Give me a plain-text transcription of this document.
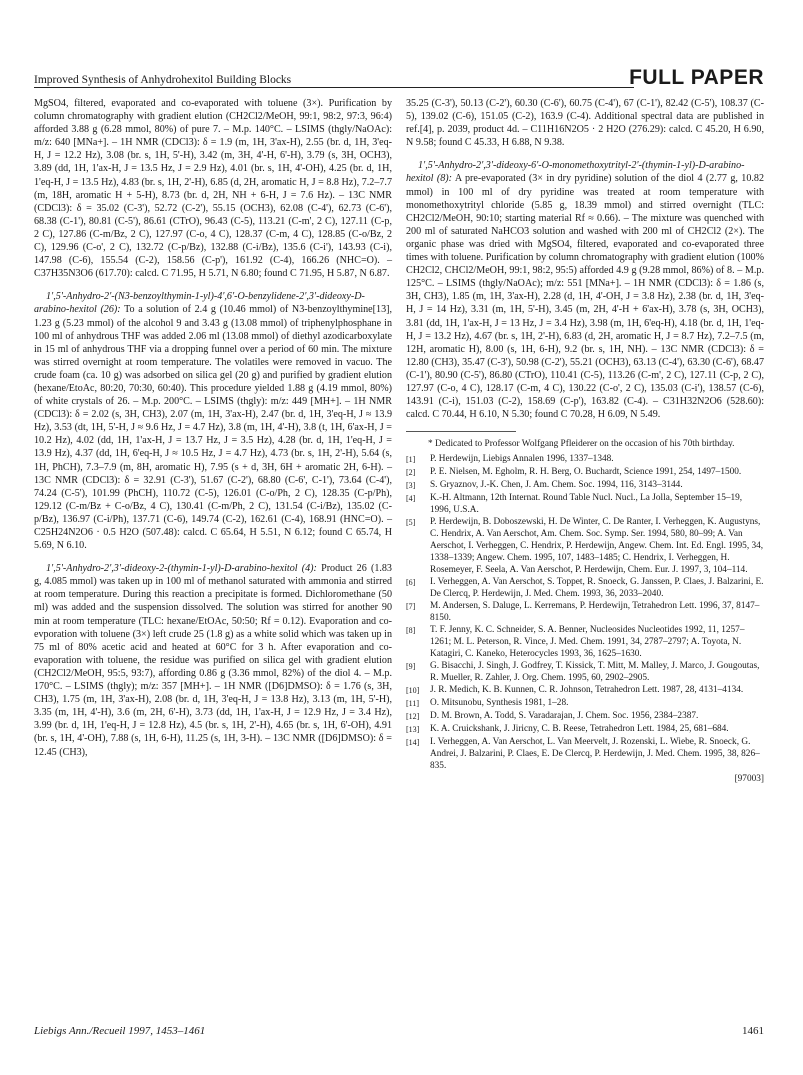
Improved Synthesis of Anhydrohexitol Building Blocks	FULL PAPER

MgSO4, filtered, evaporated and co-evaporated with toluene (3×). Purification by column chromatography with gradient elution (CH2Cl2/MeOH, 99:1, 98:2, 97:3, 96:4) afforded 3.88 g (6.28 mmol, 80%) of pure 7. – M.p. 140°C. – LSIMS (thgly/NaOAc): m/z: 640 [MNa+]. – 1H NMR (CDCl3): δ = 1.9 (m, 1H, 3'ax-H), 2.55 (br. d, 1H, 3'eq-H, J = 12.2 Hz), 3.08 (br. s, 1H, 5'-H), 3.42 (m, 3H, 4'-H, 6'-H), 3.79 (s, 3H, OCH3), 3.89 (dd, 1H, 1'ax-H, J = 13.5 Hz, J = 2.9 Hz), 4.01 (br. s, 1H, 4'-OH), 4.25 (br. d, 1H, 1'eq-H, J = 13.5 Hz), 4.83 (br. s, 1H, 2'-H), 6.85 (d, 2H, aromatic H, J = 8.8 Hz), 7.2–7.7 (m, 18H, aromatic H + 5-H), 8.73 (br. d, 2H, NH + 6-H, J = 7.6 Hz). – 13C NMR (CDCl3): δ = 35.02 (C-3'), 52.72 (C-2'), 55.15 (OCH3), 62.08 (C-4'), 62.73 (C-6'), 68.38 (C-1'), 80.81 (C-5'), 86.61 (CTrO), 96.43 (C-5), 113.21 (C-m', 2 C), 127.11 (C-p, 2 C), 127.86 (C-m/Bz, 2 C), 127.97 (C-o, 4 C), 128.37 (C-m, 4 C), 128.85 (C-o/Bz, 2 C), 129.96 (C-o', 2 C), 132.72 (C-p/Bz), 132.88 (C-i/Bz), 135.6 (C-i'), 143.93 (C-i), 147.98 (C-6), 155.54 (C-2), 158.56 (C-p'), 161.92 (C-4), 166.26 (NHC=O). – C37H35N3O6 (617.70): calcd. C 71.95, H 5.71, N 6.80; found C 71.95, H 5.87, N 6.87.

1',5'-Anhydro-2'-(N3-benzoylthymin-1-yl)-4',6'-O-benzylidene-2',3'-dideoxy-D-arabino-hexitol (26): To a solution of 2.4 g (10.46 mmol) of N3-benzoylthymine[13], 1.23 g (5.23 mmol) of the alcohol 9 and 3.43 g (13.08 mmol) of triphenylphosphane in 100 ml of anhydrous THF was added 2.06 ml (13.08 mmol) of diethyl azodicarboxylate in 15 ml of anhydrous THF via a dropping funnel over a period of 60 min. The mixture was stirred overnight at room temperature. The volatiles were removed in vacuo. The crude foam (ca. 10 g) was adsorbed on silica gel (20 g) and purified by gradient elution (hexane/EtoAc, 80:20, 70:30, 60:40). This procedure yielded 1.88 g (4.19 mmol, 80%) of white crystals of 26. – M.p. 200°C. – LSIMS (thgly): m/z: 449 [MH+]. – 1H NMR (CDCl3): δ = 2.02 (s, 3H, CH3), 2.07 (m, 1H, 3'ax-H), 2.47 (br. d, 1H, 3'eq-H, J ≈ 13.9 Hz), 3.53 (dt, 1H, 5'-H, J ≈ 9.6 Hz, J = 4.7 Hz), 3.8 (m, 1H, 4'-H), 3.8 (t, 1H, 6'ax-H, J = 10.2 Hz), 4.02 (dd, 1H, 1'ax-H, J = 13.7 Hz, J = 3.5 Hz), 4.28 (br. d, 1H, 1'eq-H, J = 13.9 Hz), 4.37 (dd, 1H, 6'eq-H, J ≈ 10.5 Hz, J = 4.7 Hz), 4.73 (br. s, 1H, 2'-H), 5.64 (s, 1H, PhCH), 7.3–7.9 (m, 8H, aromatic H), 7.95 (s + d, 3H, 6H + aromatic 2H, 6-H). – 13C NMR (CDCl3): δ = 32.91 (C-3'), 51.67 (C-2'), 68.80 (C-6', C-1'), 73.64 (C-4'), 74.24 (C-5'), 101.99 (PhCH), 110.72 (C-5), 126.01 (C-o/Ph, 2 C), 128.35 (C-p/Ph), 129.12 (C-m/Bz + C-o/Bz, 4 C), 130.41 (C-m/Ph, 2 C), 131.54 (C-i/Bz), 135.02 (C-p/Bz), 136.97 (C-i/Ph), 137.71 (C-6), 149.74 (C-2), 162.61 (C-4), 168.91 (HNC=O). – C25H24N2O6 · 0.5 H2O (507.48): calcd. C 65.64, H 5.51, N 6.12; found C 65.74, H 5.69, N 6.10.

1',5'-Anhydro-2',3'-dideoxy-2-(thymin-1-yl)-D-arabino-hexitol (4): Product 26 (1.83 g, 4.085 mmol) was taken up in 100 ml of methanol saturated with ammonia and stirred at room temperature. During this reaction a precipitate is formed. Dichloromethane (50 ml) was added and the suspension dissolved. The solution was stirred for another 90 min at room temperature (TLC: hexane/EtOAc, 50:50; Rf = 0.12). Evaporation and co-evporation with toluene (3×) left crude 25 (1.8 g) as a white solid which was taken up in 75 ml of 80% acetic acid and heated at 60°C for 3 h. After evaporation and co-evaporation with toluene, the residue was purified on silica gel with gradient elution (CH2Cl2/MeOH, 95:5, 93:7), affording 0.86 g (3.36 mmol, 82%) of the diol 4. – M.p. 170°C. – LSIMS (thgly); m/z: 357 [MH+]. – 1H NMR ([D6]DMSO): δ = 1.76 (s, 3H, CH3), 1.75 (m, 1H, 3'ax-H), 2.08 (br. d, 1H, 3'eq-H, J = 13.8 Hz), 3.13 (m, 1H, 5'-H), 3.35 (m, 1H, 4'-H), 3.6 (m, 2H, 6'-H), 3.73 (dd, 1H, 1'ax-H, J = 12.9 Hz, J = 3.4 Hz), 3.99 (br. d, 1H, 1'eq-H, J = 12.8 Hz), 4.5 (br. s, 1H, 2'-H), 4.65 (br. s, 1H, 6'-OH), 4.91 (br. s, 1H, 4'-OH), 7.88 (s, 1H, 6-H), 11.25 (s, 1H, 3-H). – 13C NMR ([D6]DMSO): δ = 12.45 (CH3),

35.25 (C-3'), 50.13 (C-2'), 60.30 (C-6'), 60.75 (C-4'), 67 (C-1'), 82.42 (C-5'), 108.37 (C-5), 139.02 (C-6), 151.05 (C-2), 163.9 (C-4). Additional spectral data are published in ref.[4], p. 2039, product 4d. – C11H16N2O5 · 2 H2O (276.29): calcd. C 45.20, H 6.90, N 9.58; found C 45.33, H 6.88, N 9.38.

1',5'-Anhydro-2',3'-dideoxy-6'-O-monomethoxytrityl-2'-(thymin-1-yl)-D-arabino-hexitol (8): A pre-evaporated (3× in dry pyridine) solution of the diol 4 (2.77 g, 10.82 mmol) in 100 ml of dry pyridine was treated at room temperature with monomethoxytrityl chloride (5.85 g, 18.39 mmol) and stirred overnight (TLC: CH2Cl2/MeOH, 90:10; starting material Rf ≈ 0.66). – The mixture was quenched with 200 ml of saturated NaHCO3 solution and washed with 200 ml of CH2Cl2 (2×). The organic phase was dried with MgSO4, filtered, evaporated and co-evaporated three times with toluene. Purification by column chromatography with gradient elution (100% CH2Cl2, CHCl2/MeOH, 99:1, 98:2, 95:5) afforded 4.9 g (9.28 mmol, 86%) of 8. – M.p. 125°C. – LSIMS (thgly/NaOAc); m/z: 551 [MNa+]. – 1H NMR (CDCl3): δ = 1.86 (s, 3H, CH3), 1.85 (m, 1H, 3'ax-H), 2.28 (d, 1H, 4'-OH, J = 3.8 Hz), 2.38 (br. d, 1H, 3'eq-H, J = 14 Hz), 3.31 (m, 1H, 5'-H), 3.45 (m, 2H, 4'-H + 6'ax-H), 3.78 (s, 3H, OCH3), 3.81 (dd, 1H, 1'ax-H, J = 13 Hz, J = 3.4 Hz), 3.98 (m, 1H, 6'eq-H), 4.18 (br. d, 1H, 1'eq-H, J = 13.2 Hz), 4.67 (br. s, 1H, 2'-H), 6.83 (d, 2H, aromatic H, J = 8.7 Hz), 7.2–7.5 (m, 12H, aromatic H), 8.00 (s, 1H, 6-H), 9.2 (br. s, 1H, NH). – 13C NMR (CDCl3): δ = 12.80 (CH3), 35.47 (C-3'), 50.98 (C-2'), 55.21 (OCH3), 63.13 (C-4'), 63.30 (C-6'), 68.47 (C-1'), 80.90 (C-5'), 86.80 (CTrO), 110.41 (C-5), 113.26 (C-m', 2 C), 127.11 (C-p, 2 C), 127.97 (C-o, 4 C), 128.17 (C-m, 4 C), 130.22 (C-o', 2 C), 135.03 (C-i'), 138.57 (C-6), 143.91 (C-i), 151.03 (C-2), 158.69 (C-p'), 163.82 (C-4). – C31H32N2O6 (528.60): calcd. C 70.44, H 6.10, N 5.30; found C 70.28, H 6.09, N 5.49.

* Dedicated to Professor Wolfgang Pfleiderer on the occasion of his 70th birthday.

[1]	P. Herdewijn, Liebigs Annalen 1996, 1337–1348.
[2]	P. E. Nielsen, M. Egholm, R. H. Berg, O. Buchardt, Science 1991, 254, 1497–1500.
[3]	S. Gryaznov, J.-K. Chen, J. Am. Chem. Soc. 1994, 116, 3143–3144.
[4]	K.-H. Altmann, 12th Internat. Round Table Nucl. Nucl., La Jolla, September 15–19, 1996, U.S.A.
[5]	P. Herdewijn, B. Doboszewski, H. De Winter, C. De Ranter, I. Verheggen, K. Augustyns, C. Hendrix, A. Van Aerschot, Am. Chem. Soc. Symp. Ser. 1994, 580, 80–99; A. Van Aerschot, I. Verheggen, C. Hendrix, P. Herdewijn, Angew. Chem. Int. Ed. Engl. 1995, 34, 1338–1339; Angew. Chem. 1995, 107, 1483–1485; C. Hendrix, I. Verheggen, H. Rosemeyer, F. Seela, A. Van Aerschot, P. Herdewijn, Chem. Eur. J. 1997, 3, 104–114.
[6]	I. Verheggen, A. Van Aerschot, S. Toppet, R. Snoeck, G. Janssen, P. Claes, J. Balzarini, E. De Clercq, P. Herdewijn, J. Med. Chem. 1993, 36, 2033–2040.
[7]	M. Andersen, S. Daluge, L. Kerremans, P. Herdewijn, Tetrahedron Lett. 1996, 37, 8147–8150.
[8]	T. F. Jenny, K. C. Schneider, S. A. Benner, Nucleosides Nucleotides 1992, 11, 1257–1261; M. L. Peterson, R. Vince, J. Med. Chem. 1991, 34, 2787–2797; A. Toyota, N. Katagiri, C. Kaneko, Heterocycles 1993, 36, 1625–1630.
[9]	G. Bisacchi, J. Singh, J. Godfrey, T. Kissick, T. Mitt, M. Malley, J. Marco, J. Gougoutas, R. Mueller, R. Zahler, J. Org. Chem. 1995, 60, 2902–2905.
[10]	J. R. Medich, K. B. Kunnen, C. R. Johnson, Tetrahedron Lett. 1987, 28, 4131–4134.
[11]	O. Mitsunobu, Synthesis 1981, 1–28.
[12]	D. M. Brown, A. Todd, S. Varadarajan, J. Chem. Soc. 1956, 2384–2387.
[13]	K. A. Cruickshank, J. Jiricny, C. B. Reese, Tetrahedron Lett. 1984, 25, 681–684.
[14]	I. Verheggen, A. Van Aerschot, L. Van Meervelt, J. Rozenski, L. Wiebe, R. Snoeck, G. Andrei, J. Balzarini, P. Claes, E. De Clercq, P. Herdewijn, J. Med. Chem. 1995, 38, 826–835.
[97003]
Liebigs Ann./Recueil 1997, 1453–1461	1461
